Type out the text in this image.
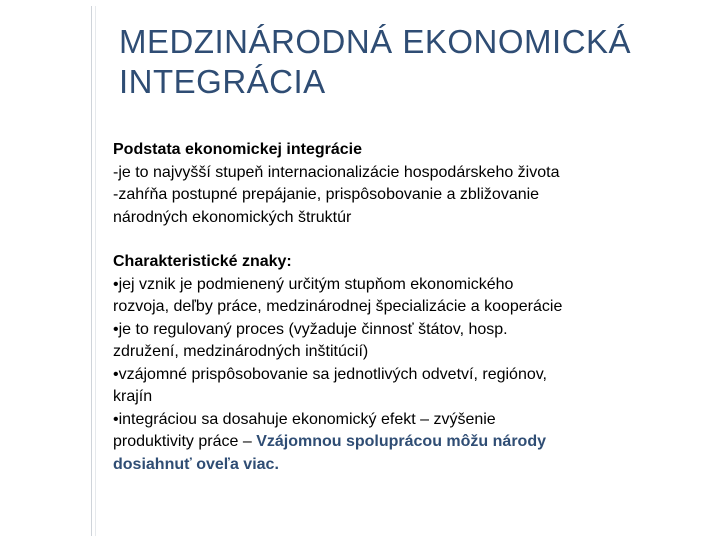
MEDZINÁRODNÁ EKONOMICKÁ
INTEGRÁCIA
Podstata ekonomickej integrácie
-je to najvyšší stupeň internacionalizácie hospodárskeho života
-zahŕňa postupné prepájanie, prispôsobovanie a zbližovanie
národných ekonomických štruktúr
Charakteristické znaky:
•jej vznik je podmienený určitým stupňom ekonomického
rozvoja, deľby práce, medzinárodnej špecializácie a kooperácie
•je to regulovaný proces (vyžaduje činnosť štátov, hosp.
združení, medzinárodných inštitúcií)
•vzájomné prispôsobovanie sa jednotlivých odvetví, regiónov,
krajín
•integráciou sa dosahuje ekonomický efekt – zvýšenie
produktivity práce – Vzájomnou spoluprácou môžu národy
dosiahnuť oveľa viac.
